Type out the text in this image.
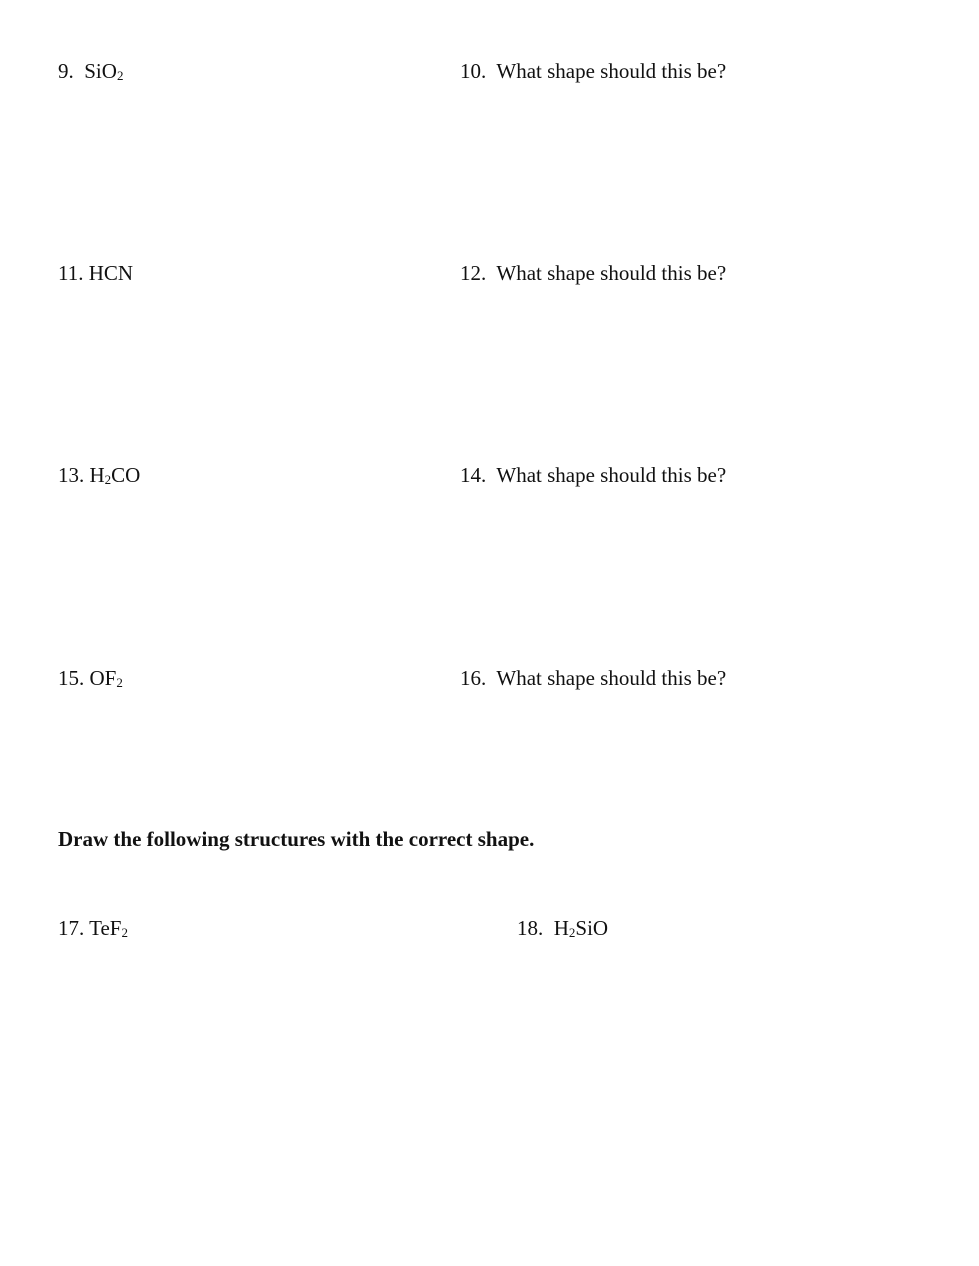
9. SiO$_2$	10. What shape should this be?
11. HCN	12. What shape should this be?
13. $H_2CO$	14. What shape should this be?
15. $OF_2$	16. What shape should this be?
Draw the following structures with the correct shape.
17. TeF$_2$	18. $H_2SiO$
